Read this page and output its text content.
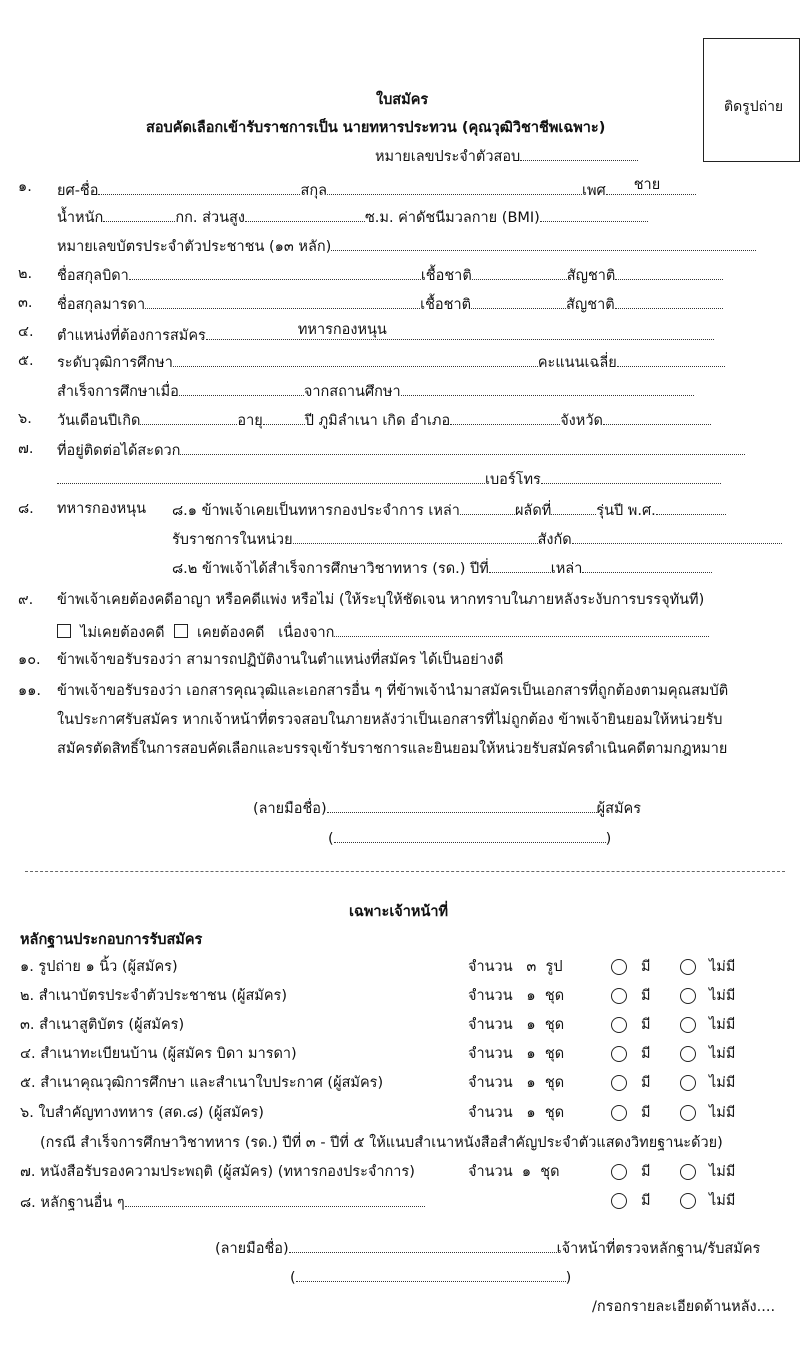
ติดรูปถ่าย
ใบสมัคร
สอบคัดเลือกเข้ารับราชการเป็น นายทหารประทวน (คุณวุฒิวิชาชีพเฉพาะ)
หมายเลขประจำตัวสอบ
๑. ยศ-ชื่อ	สกุล	เพศ ชาย
น้ำหนัก	กก. ส่วนสูง	ซ.ม. ค่าดัชนีมวลกาย (BMI)
หมายเลขบัตรประจำตัวประชาชน (๑๓ หลัก)
๒. ชื่อสกุลบิดา	เชื้อชาติ	สัญชาติ
๓. ชื่อสกุลมารดา	เชื้อชาติ	สัญชาติ
๔. ตำแหน่งที่ต้องการสมัคร	ทหารกองหนุน
๕. ระดับวุฒิการศึกษา	คะแนนเฉลี่ย
สำเร็จการศึกษาเมื่อ	จากสถานศึกษา
๖. วันเดือนปีเกิด	อายุ	ปี ภูมิลำเนา เกิด อำเภอ	จังหวัด
๗. ที่อยู่ติดต่อได้สะดวก
เบอร์โทร
๘. ทหารกองหนุน ๘.๑ ข้าพเจ้าเคยเป็นทหารกองประจำการ เหล่า	ผลัดที่	รุ่นปี พ.ศ.
รับราชการในหน่วย	สังกัด
๘.๒ ข้าพเจ้าได้สำเร็จการศึกษาวิชาทหาร (รด.) ปีที่	เหล่า
๙. ข้าพเจ้าเคยต้องคดีอาญา หรือคดีแพ่ง หรือไม่ (ให้ระบุให้ชัดเจน หากทราบในภายหลังระงับการบรรจุทันที)
ไม่เคยต้องคดี เคยต้องคดี เนื่องจาก
๑๐. ข้าพเจ้าขอรับรองว่า สามารถปฏิบัติงานในตำแหน่งที่สมัคร ได้เป็นอย่างดี
๑๑. ข้าพเจ้าขอรับรองว่า เอกสารคุณวุฒิและเอกสารอื่น ๆ ที่ข้าพเจ้านำมาสมัครเป็นเอกสารที่ถูกต้องตามคุณสมบัติ
ในประกาศรับสมัคร หากเจ้าหน้าที่ตรวจสอบในภายหลังว่าเป็นเอกสารที่ไม่ถูกต้อง ข้าพเจ้ายินยอมให้หน่วยรับ
สมัครตัดสิทธิ์ในการสอบคัดเลือกและบรรจุเข้ารับราชการและยินยอมให้หน่วยรับสมัครดำเนินคดีตามกฎหมาย
(ลายมือชื่อ)	ผู้สมัคร
(	)
เฉพาะเจ้าหน้าที่
หลักฐานประกอบการรับสมัคร
๑. รูปถ่าย ๑ นิ้ว (ผู้สมัคร)	จำนวน   ๓  รูป	มี	ไม่มี
๒. สำเนาบัตรประจำตัวประชาชน (ผู้สมัคร)	จำนวน   ๑  ชุด	มี	ไม่มี
๓. สำเนาสูติบัตร (ผู้สมัคร)	จำนวน   ๑  ชุด	มี	ไม่มี
๔. สำเนาทะเบียนบ้าน (ผู้สมัคร บิดา มารดา)	จำนวน   ๑  ชุด	มี	ไม่มี
๕. สำเนาคุณวุฒิการศึกษา และสำเนาใบประกาศ (ผู้สมัคร)	จำนวน   ๑  ชุด	มี	ไม่มี
๖. ใบสำคัญทางทหาร (สด.๘) (ผู้สมัคร)	จำนวน   ๑  ชุด	มี	ไม่มี
๗. หนังสือรับรองความประพฤติ (ผู้สมัคร) (ทหารกองประจำการ)	จำนวน  ๑  ชุด	มี	ไม่มี
๘. หลักฐานอื่น ๆ	มี	ไม่มี
(กรณี สำเร็จการศึกษาวิชาทหาร (รด.) ปีที่ ๓ - ปีที่ ๕ ให้แนบสำเนาหนังสือสำคัญประจำตัวแสดงวิทยฐานะด้วย)
(ลายมือชื่อ)	เจ้าหน้าที่ตรวจหลักฐาน/รับสมัคร
(	)
/กรอกรายละเอียดด้านหลัง....
